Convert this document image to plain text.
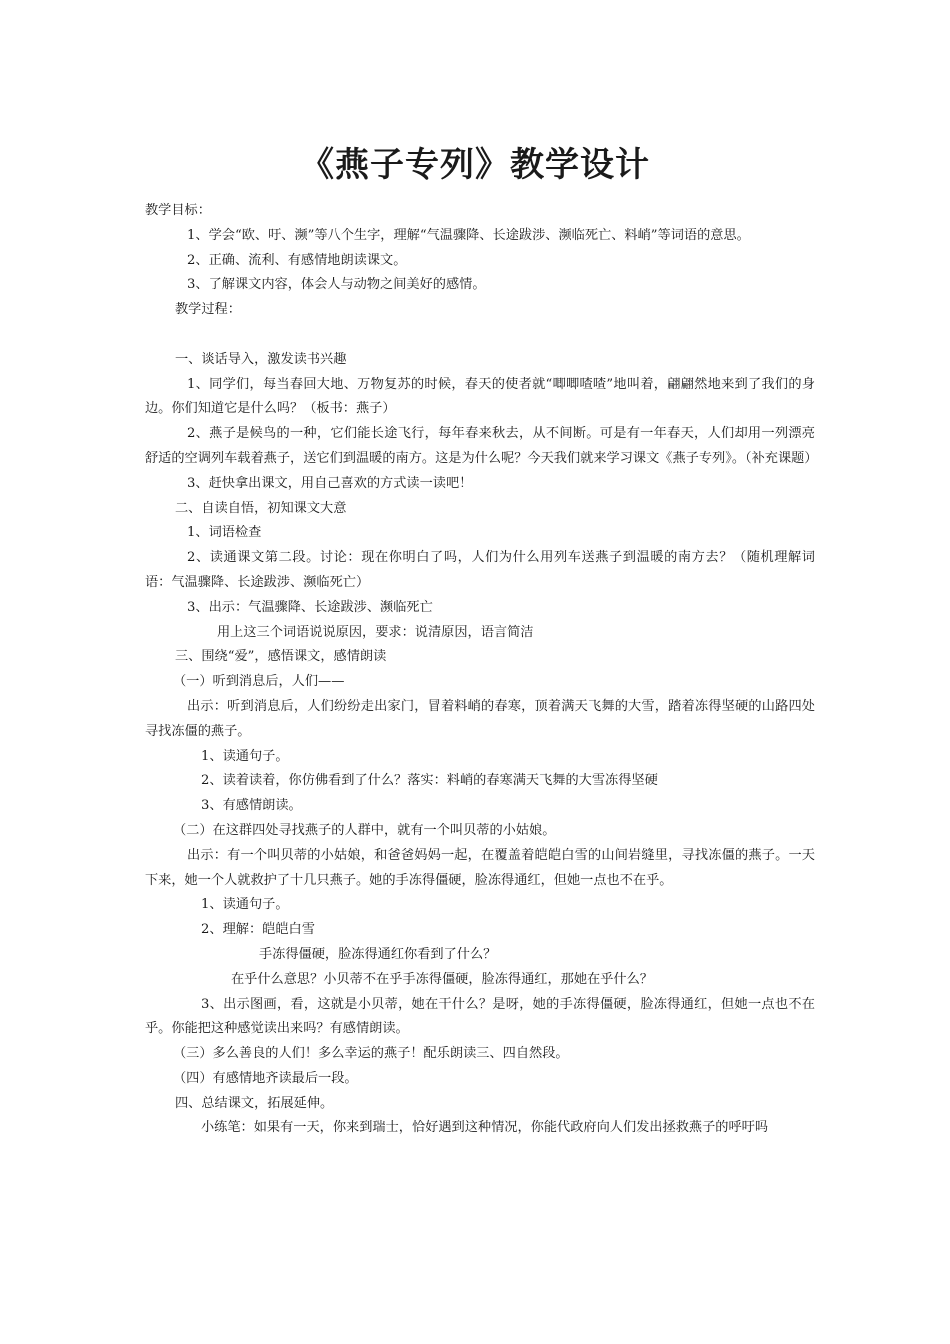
《燕子专列》教学设计

教学目标：

1、学会“欧、吁、濒”等八个生字，理解“气温骤降、长途跋涉、濒临死亡、料峭”等词语的意思。

2、正确、流利、有感情地朗读课文。

3、了解课文内容，体会人与动物之间美好的感情。

教学过程：

一、谈话导入，激发读书兴趣

1、同学们，每当春回大地、万物复苏的时候，春天的使者就“唧唧喳喳”地叫着，翩翩然地来到了我们的身边。你们知道它是什么吗？（板书：燕子）

2、燕子是候鸟的一种，它们能长途飞行，每年春来秋去，从不间断。可是有一年春天，人们却用一列漂亮舒适的空调列车载着燕子，送它们到温暖的南方。这是为什么呢？今天我们就来学习课文《燕子专列》。（补充课题）

3、赶快拿出课文，用自己喜欢的方式读一读吧！

二、自读自悟，初知课文大意

1、词语检查

2、读通课文第二段。讨论：现在你明白了吗，人们为什么用列车送燕子到温暖的南方去？（随机理解词语：气温骤降、长途跋涉、濒临死亡）

3、出示：气温骤降、长途跋涉、濒临死亡

用上这三个词语说说原因，要求：说清原因，语言简洁

三、围绕“爱”，感悟课文，感情朗读

（一）听到消息后，人们——

出示：听到消息后，人们纷纷走出家门，冒着料峭的春寒，顶着满天飞舞的大雪，踏着冻得坚硬的山路四处寻找冻僵的燕子。

1、读通句子。

2、读着读着，你仿佛看到了什么？落实：料峭的春寒满天飞舞的大雪冻得坚硬

3、有感情朗读。

（二）在这群四处寻找燕子的人群中，就有一个叫贝蒂的小姑娘。

出示：有一个叫贝蒂的小姑娘，和爸爸妈妈一起，在覆盖着皑皑白雪的山间岩缝里，寻找冻僵的燕子。一天下来，她一个人就救护了十几只燕子。她的手冻得僵硬，脸冻得通红，但她一点也不在乎。

1、读通句子。

2、理解：皑皑白雪

手冻得僵硬，脸冻得通红你看到了什么？

在乎什么意思？小贝蒂不在乎手冻得僵硬，脸冻得通红，那她在乎什么？

3、出示图画，看，这就是小贝蒂，她在干什么？是呀，她的手冻得僵硬，脸冻得通红，但她一点也不在乎。你能把这种感觉读出来吗？有感情朗读。

（三）多么善良的人们！多么幸运的燕子！配乐朗读三、四自然段。

（四）有感情地齐读最后一段。

四、总结课文，拓展延伸。

小练笔：如果有一天，你来到瑞士，恰好遇到这种情况，你能代政府向人们发出拯救燕子的呼吁吗
